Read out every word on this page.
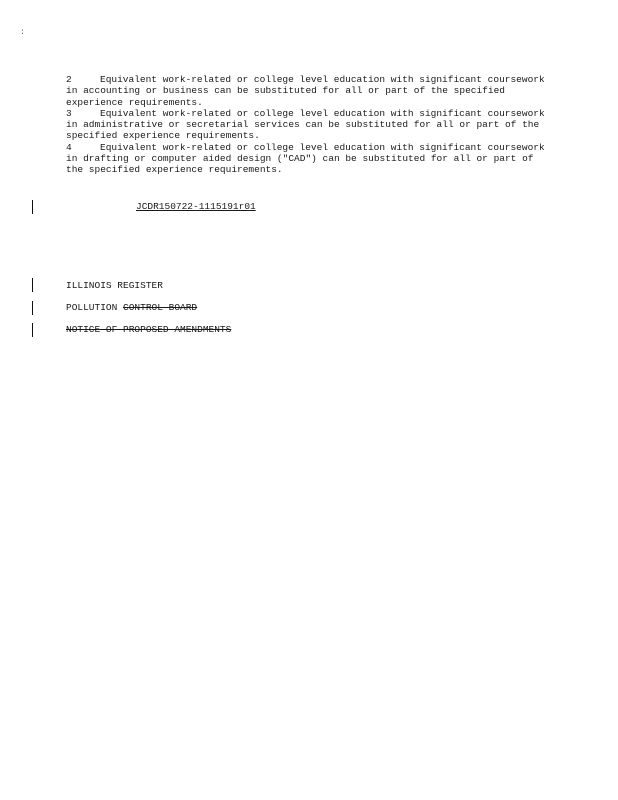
:

2	Equivalent work-related or college level education with significant coursework in accounting or business can be substituted for all or part of the specified experience requirements.

3	Equivalent work-related or college level education with significant coursework in administrative or secretarial services can be substituted for all or part of the specified experience requirements.

4	Equivalent work-related or college level education with significant coursework in drafting or computer aided design ("CAD") can be substituted for all or part of the specified experience requirements.

JCDR150722-1115191r01
ILLINOIS REGISTER
POLLUTION CONTROL BOARD
NOTICE OF PROPOSED AMENDMENTS
